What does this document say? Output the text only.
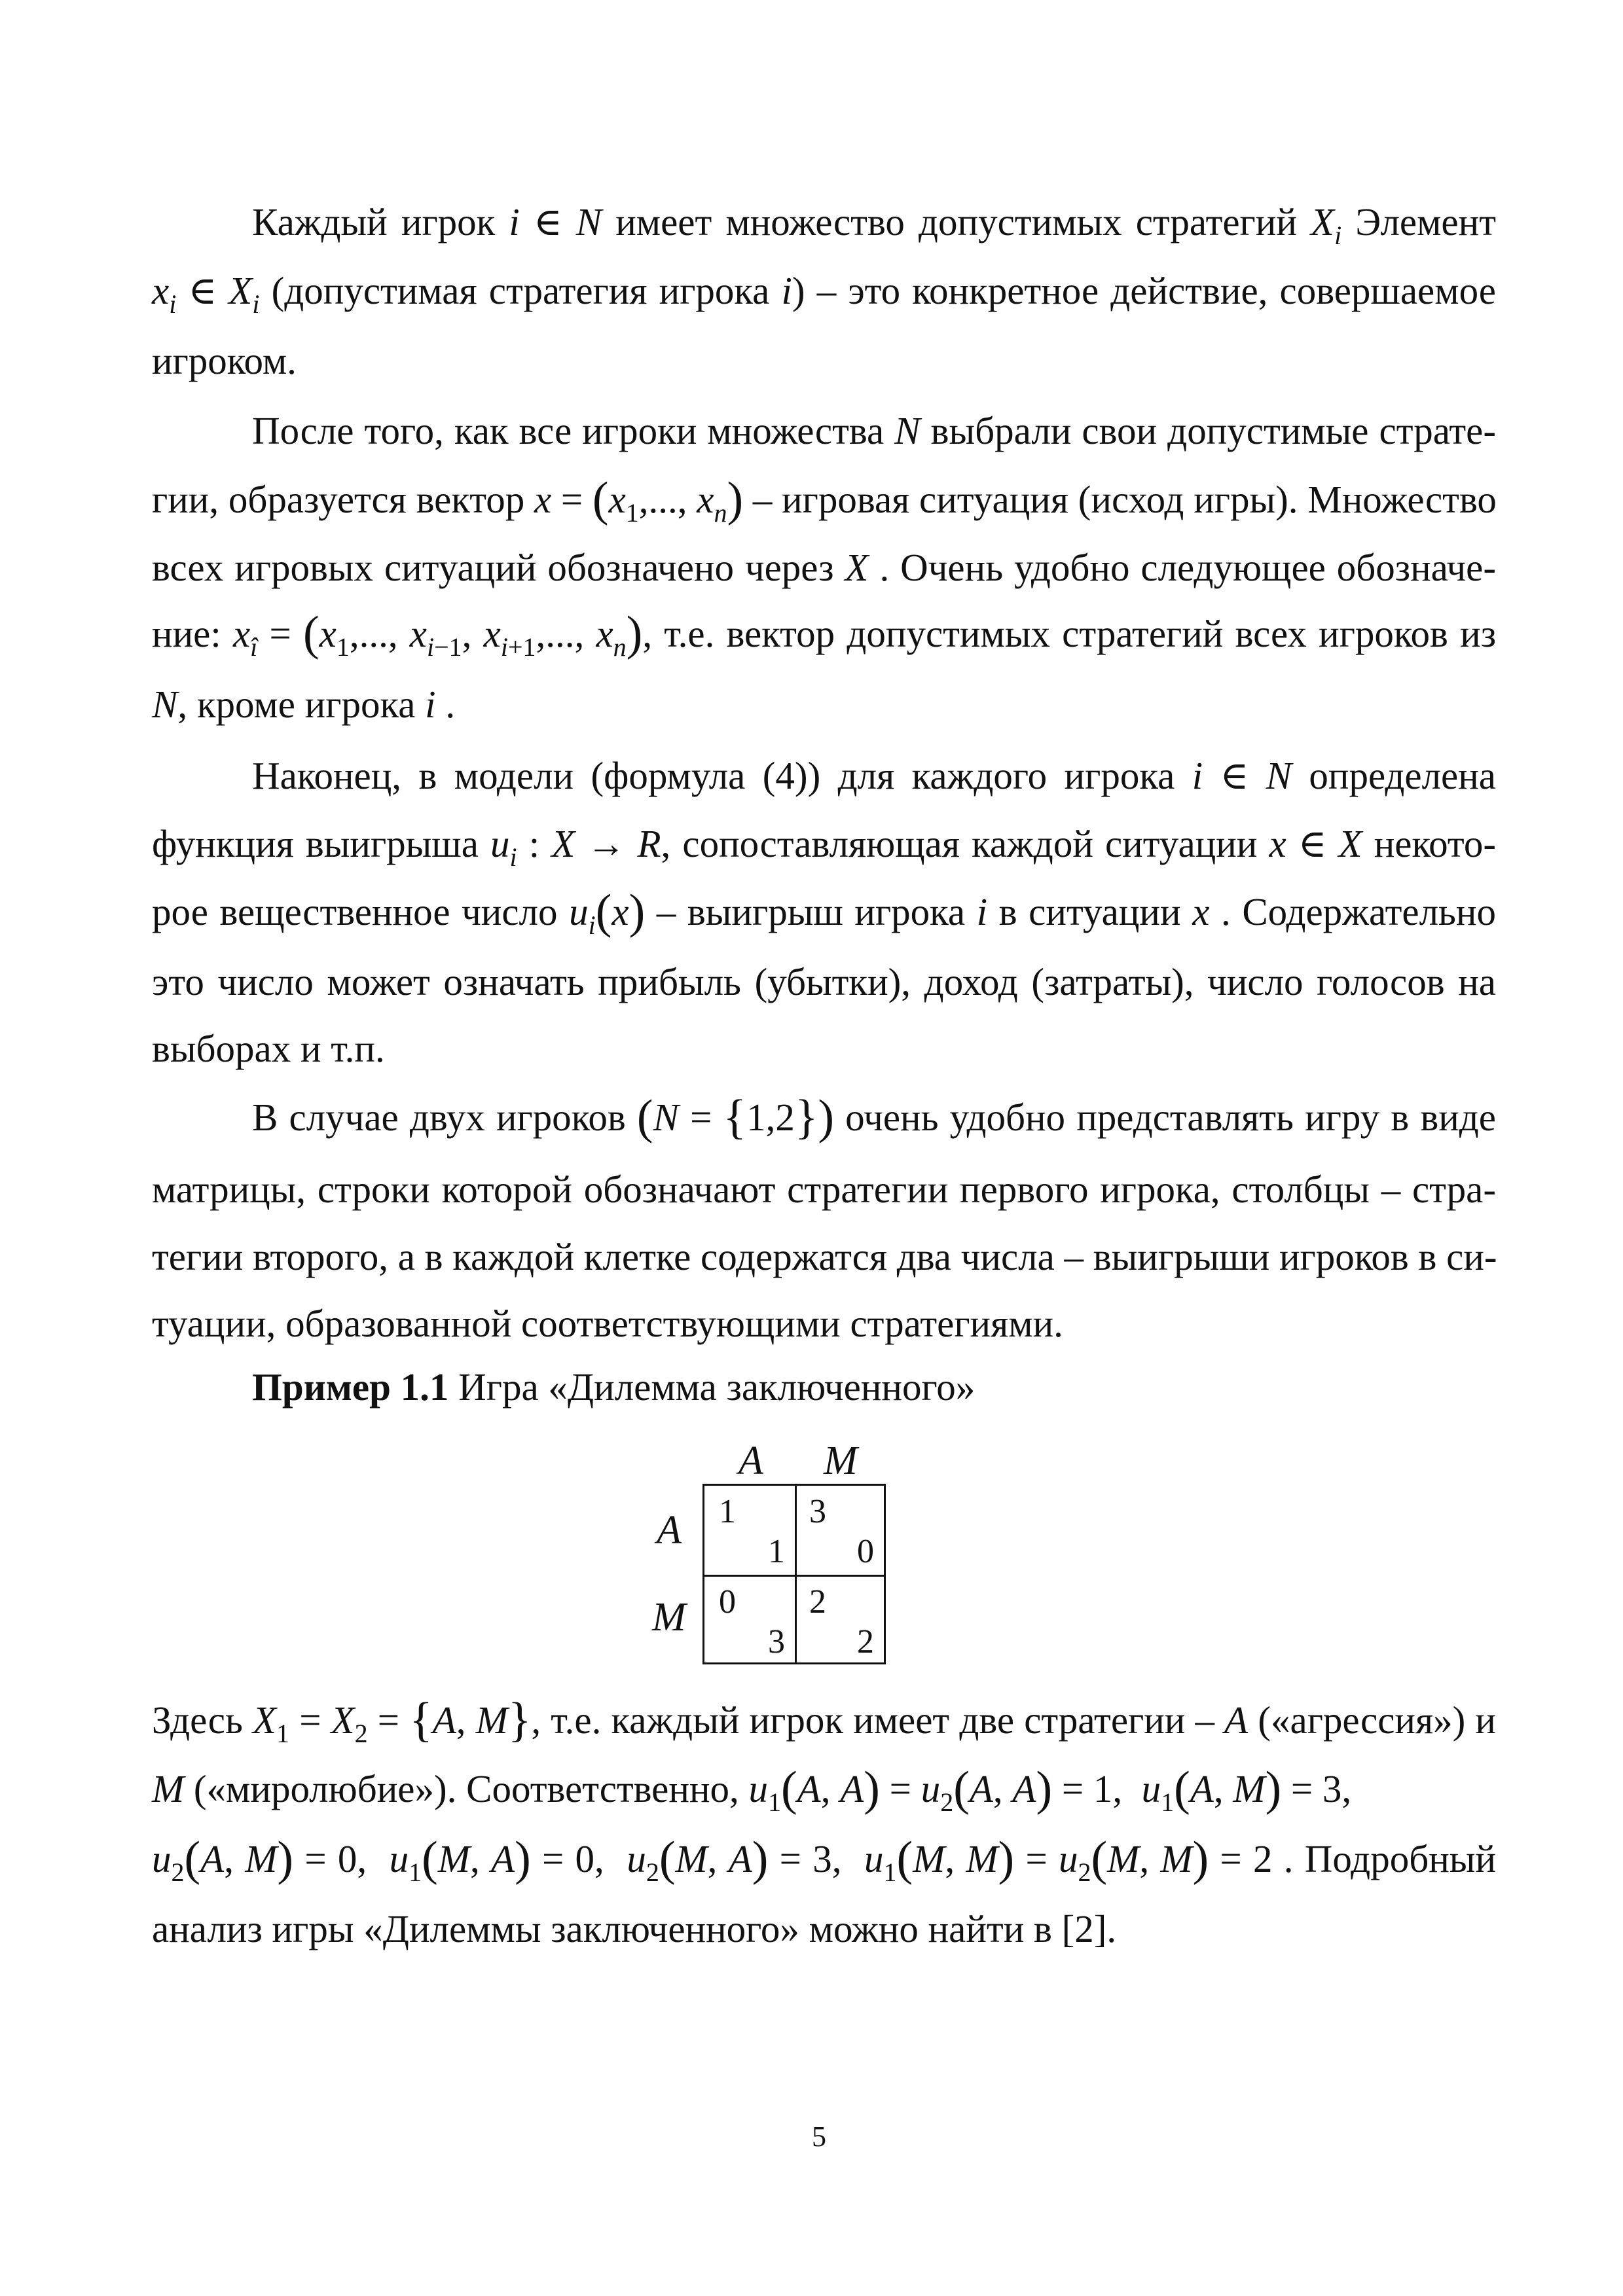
Каждый игрок i ∈ N имеет множество допустимых стратегий $X_i$ Элемент
$x_i$ ∈ $X_i$ (допустимая стратегия игрока i) – это конкретное действие, совершаемое
игроком.
После того, как все игроки множества N выбрали свои допустимые страте-
гии, образуется вектор $x = (x_1$,..., $x_n$) – игровая ситуация (исход игры). Множество
всех игровых ситуаций обозначено через X . Очень удобно следующее обозначе-
ние: $x_î = (x_1$,..., $x_{i-1}$, $x_{i+1}$,..., $x_n$), т.е. вектор допустимых стратегий всех игроков из
N, кроме игрока i .
Наконец, в модели (формула (4)) для каждого игрока i ∈ N определена
функция выигрыша $u_i$ : X → R, сопоставляющая каждой ситуации x ∈ X некото-
рое вещественное число $u_i(x)$ – выигрыш игрока i в ситуации x . Содержательно
это число может означать прибыль (убытки), доход (затраты), число голосов на
выборах и т.п.
В случае двух игроков (N = {1,2}) очень удобно представлять игру в виде
матрицы, строки которой обозначают стратегии первого игрока, столбцы – стра-
тегии второго, а в каждой клетке содержатся два числа – выигрыши игроков в си-
туации, образованной соответствующими стратегиями.
Пример 1.1 Игра «Дилемма заключенного»
A M
A
M
1
1
3
0
0
3
2
2
Здесь $X_1 = X_2 = \{A$, M}, т.е. каждый игрок имеет две стратегии – A («агрессия») и
M («миролюбие»). Соответственно, $u_1(A$, $A) = u_2(A$, A) = 1,  $u_1(A$, M) = 3,
$u_2(A$, M) = 0,  $u_1(M$, A) = 0,  $u_2(M$, A) = 3,  $u_1(M$, $M) = u_2(M$, M) = 2 . Подробный
анализ игры «Дилеммы заключенного» можно найти в [2].
5
